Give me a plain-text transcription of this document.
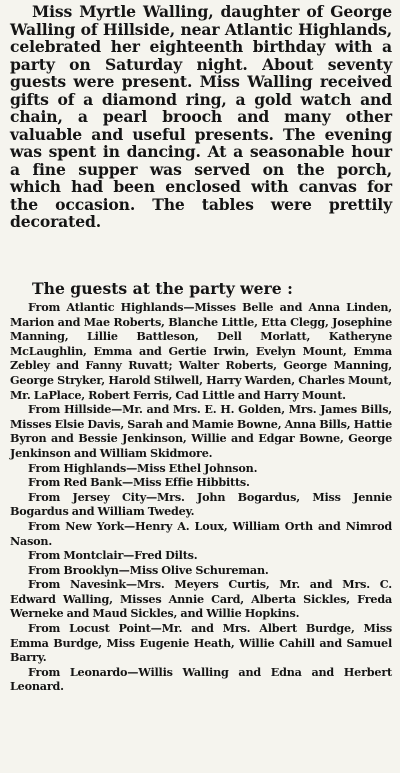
Miss Myrtle Walling, daughter of George Walling of Hillside, near Atlantic Highlands, celebrated her eighteenth birthday with a party on Saturday night. About seventy guests were present. Miss Walling received gifts of a diamond ring, a gold watch and chain, a pearl brooch and many other valuable and useful presents. The evening was spent in dancing. At a seasonable hour a fine supper was served on the porch, which had been enclosed with canvas for the occasion. The tables were prettily decorated.

The guests at the party were :

From Atlantic Highlands—Misses Belle and Anna Linden, Marion and Mae Roberts, Blanche Little, Etta Clegg, Josephine Manning, Lillie Battleson, Dell Morlatt, Katheryne McLaughlin, Emma and Gertie Irwin, Evelyn Mount, Emma Zebley and Fanny Ruvatt; Walter Roberts, George Manning, George Stryker, Harold Stilwell, Harry Warden, Charles Mount, Mr. LaPlace, Robert Ferris, Cad Little and Harry Mount.

From Hillside—Mr. and Mrs. E. H. Golden, Mrs. James Bills, Misses Elsie Davis, Sarah and Mamie Bowne, Anna Bills, Hattie Byron and Bessie Jenkinson, Willie and Edgar Bowne, George Jenkinson and William Skidmore.

From Highlands—Miss Ethel Johnson.

From Red Bank—Miss Effie Hibbitts.

From Jersey City—Mrs. John Bogardus, Miss Jennie Bogardus and William Twedey.

From New York—Henry A. Loux, William Orth and Nimrod Nason.

From Montclair—Fred Dilts.

From Brooklyn—Miss Olive Schureman.

From Navesink—Mrs. Meyers Curtis, Mr. and Mrs. C. Edward Walling, Misses Annie Card, Alberta Sickles, Freda Werneke and Maud Sickles, and Willie Hopkins.

From Locust Point—Mr. and Mrs. Albert Burdge, Miss Emma Burdge, Miss Eugenie Heath, Willie Cahill and Samuel Barry.

From Leonardo—Willis Walling and Edna and Herbert Leonard.
